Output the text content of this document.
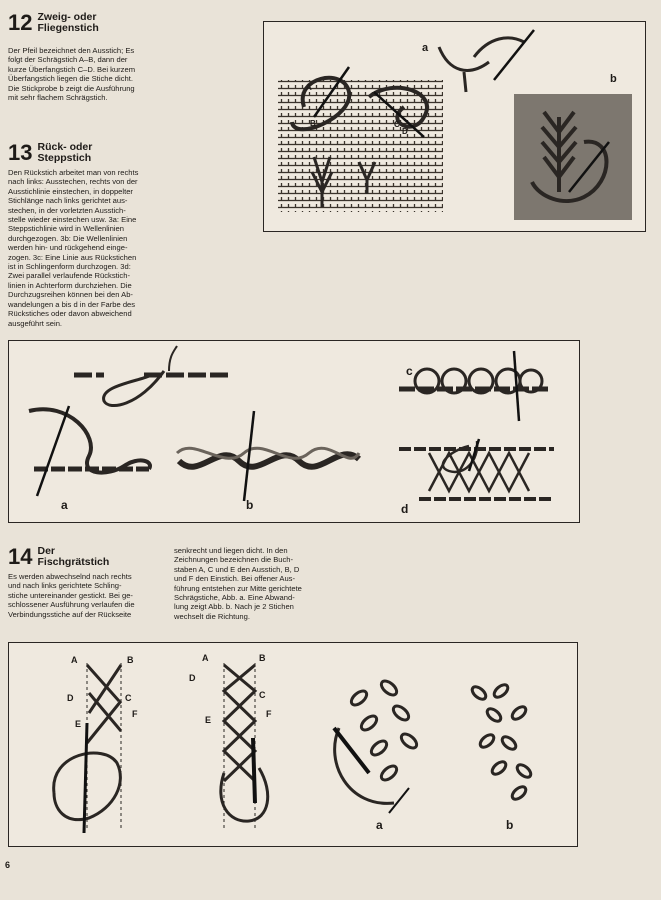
12 Zweig- oder
Fliegenstich
Der Pfeil bezeichnet den Ausstich; Es
folgt der Schrägstich A–B, dann der
kurze Überfangstich C–D. Bei kurzem
Überfangstich liegen die Stiche dicht.
Die Stickprobe b zeigt die Ausführung
mit sehr flachem Schrägstich.
13 Rück- oder
Steppstich
Den Rückstich arbeitet man von rechts
nach links: Ausstechen, rechts von der
Ausstichlinie einstechen, in doppelter
Stichlänge nach links gerichtet aus-
stechen, in der vorletzten Ausstich-
stelle wieder einstechen usw. 3a: Eine
Steppstichlinie wird in Wellenlinien
durchgezogen. 3b: Die Wellenlinien
werden hin- und rückgehend einge-
zogen. 3c: Eine Linie aus Rückstichen
ist in Schlingenform durchzogen. 3d:
Zwei parallel verlaufende Rückstich-
linien in Achterform durchziehen. Die
Durchzugsreihen können bei den Ab-
wandelungen a bis d in der Farbe des
Rückstiches oder davon abweichend
ausgeführt sein.
A
B	C
D
a
b
a	b
c
d
14 Der
Fischgrätstich
Es werden abwechselnd nach rechts
und nach links gerichtete Schling-
stiche untereinander gestickt. Bei ge-
schlossener Ausführung verlaufen die
Verbindungsstiche auf der Rückseite
senkrecht und liegen dicht. In den
Zeichnungen bezeichnen die Buch-
staben A, C und E den Ausstich, B, D
und F den Einstich. Bei offener Aus-
führung entstehen zur Mitte gerichtete
Schrägstiche, Abb. a. Eine Abwand-
lung zeigt Abb. b. Nach je 2 Stichen
wechselt die Richtung.
A	B
D	C
E
F
A	B
D
C
E
F
a	b
6
